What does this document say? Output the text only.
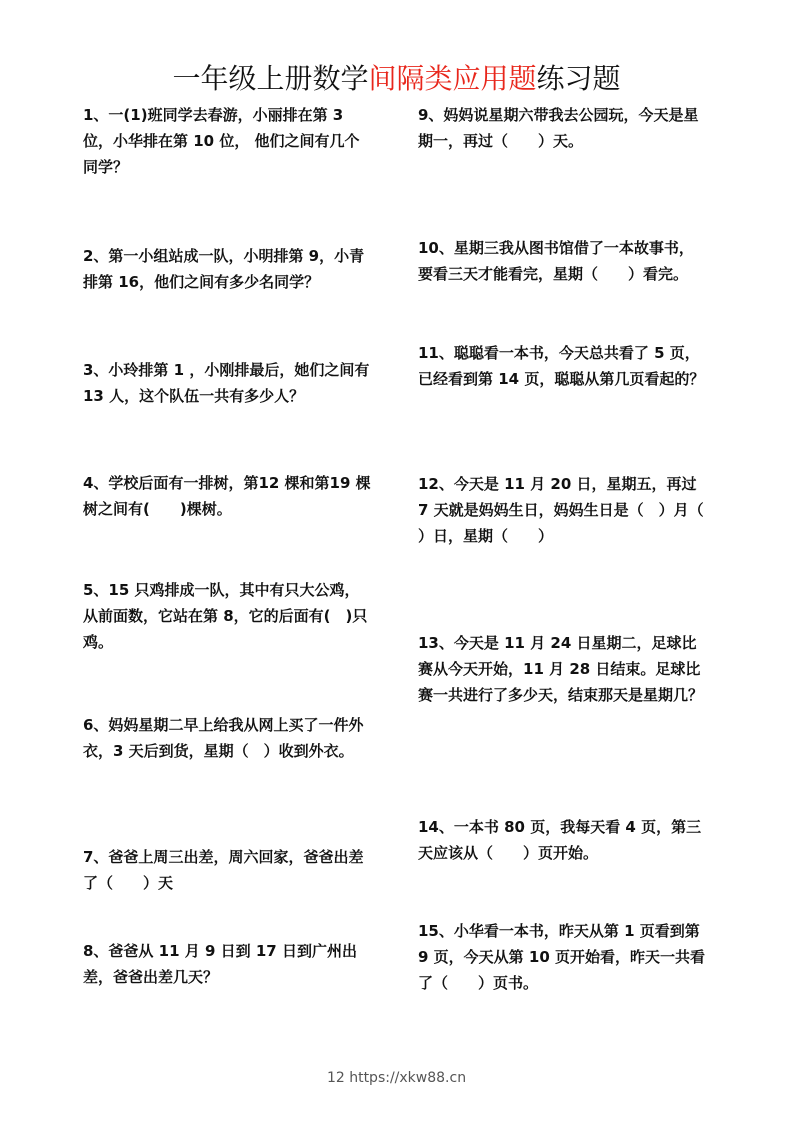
一年级上册数学间隔类应用题练习题
1、一(1)班同学去春游，小丽排在第 3 位，小华排在第 10 位， 他们之间有几个同学？
2、第一小组站成一队，小明排第 9，小青排第 16，他们之间有多少名同学？
3、小玲排第 1 ，小刚排最后，她们之间有 13 人，这个队伍一共有多少人？
4、学校后面有一排树，第12 棵和第19 棵树之间有(　　)棵树。
5、15 只鸡排成一队，其中有只大公鸡，从前面数，它站在第 8，它的后面有(　)只鸡。
6、妈妈星期二早上给我从网上买了一件外衣，3 天后到货，星期（　）收到外衣。
7、爸爸上周三出差，周六回家，爸爸出差了（　　）天
8、爸爸从 11 月 9 日到 17 日到广州出差，爸爸出差几天？
9、妈妈说星期六带我去公园玩，今天是星期一，再过（　　）天。
10、星期三我从图书馆借了一本故事书，要看三天才能看完，星期（　　）看完。
11、聪聪看一本书，今天总共看了 5 页，已经看到第 14 页，聪聪从第几页看起的？
12、今天是 11 月 20 日，星期五，再过 7 天就是妈妈生日，妈妈生日是（　）月（　　）日，星期（　　）
13、今天是 11 月 24 日星期二，足球比赛从今天开始，11 月 28 日结束。足球比赛一共进行了多少天，结束那天是星期几？
14、一本书 80 页，我每天看 4 页，第三天应该从（　　）页开始。
15、小华看一本书，昨天从第 1 页看到第 9 页，今天从第 10 页开始看，昨天一共看了（　　）页书。
12 https://xkw88.cn
